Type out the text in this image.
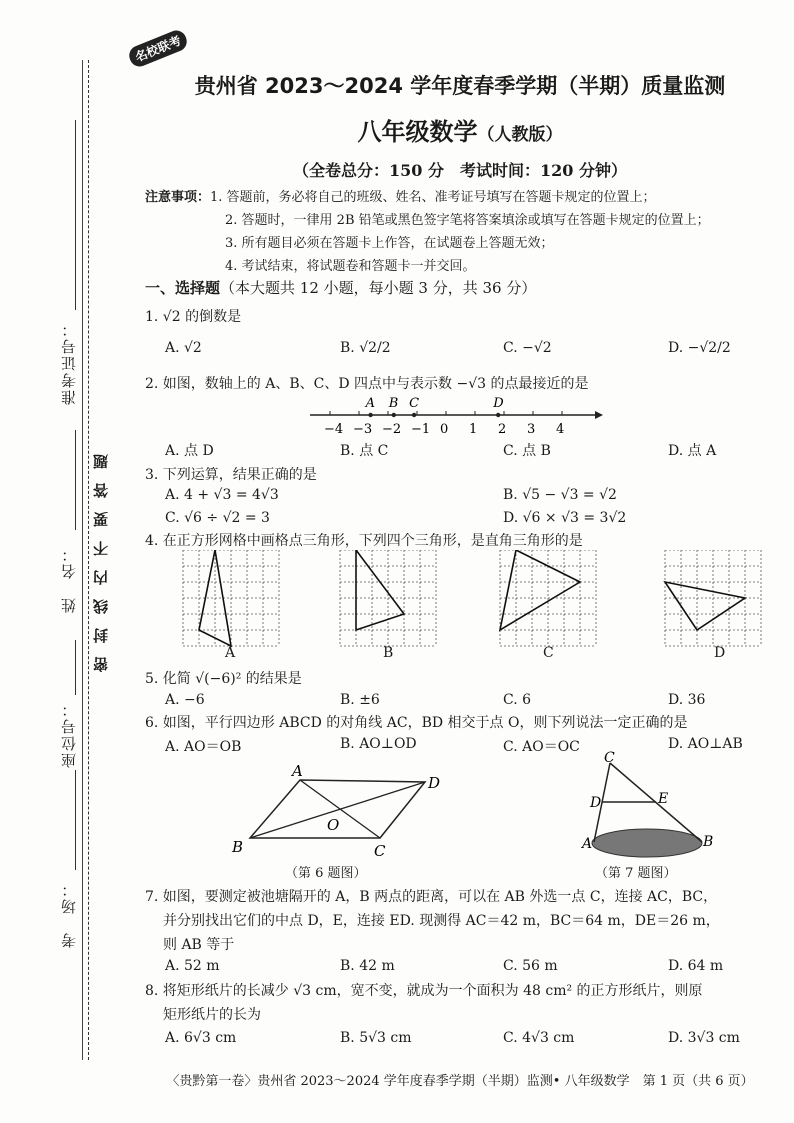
名校联考
准考证号：
姓　名：
座位号：
考　场：
密封线内不要答题
贵州省 2023～2024 学年度春季学期（半期）质量监测
八年级数学（人教版）
（全卷总分：150 分　考试时间：120 分钟）
注意事项：1. 答题前，务必将自己的班级、姓名、准考证号填写在答题卡规定的位置上；
2. 答题时，一律用 2B 铅笔或黑色签字笔将答案填涂或填写在答题卡规定的位置上；
3. 所有题目必须在答题卡上作答，在试题卷上答题无效；
4. 考试结束，将试题卷和答题卡一并交回。
一、选择题（本大题共 12 小题，每小题 3 分，共 36 分）
1. √2 的倒数是
A. √2	B. √2/2	C. −√2	D. −√2/2
2. 如图，数轴上的 A、B、C、D 四点中与表示数 −√3 的点最接近的是
−4 −3 −2 −1 0 1 2 3 4
A B C	D
A. 点 D	B. 点 C	C. 点 B	D. 点 A
3. 下列运算，结果正确的是
A. 4 + √3 = 4√3	B. √5 − √3 = √2
C. √6 ÷ √2 = 3	D. √6 × √3 = 3√2
4. 在正方形网格中画格点三角形，下列四个三角形，是直角三角形的是
A	B	C	D
5. 化简 √(−6)² 的结果是
A. −6	B. ±6	C. 6	D. 36
6. 如图，平行四边形 ABCD 的对角线 AC，BD 相交于点 O，则下列说法一定正确的是
A. AO＝OB	B. AO⊥OD	C. AO＝OC	D. AO⊥AB
A
D
B	C
O
（第 6 题图）
C
D	E
A	B
（第 7 题图）
7. 如图，要测定被池塘隔开的 A，B 两点的距离，可以在 AB 外选一点 C，连接 AC，BC，
并分别找出它们的中点 D，E，连接 ED. 现测得 AC＝42 m，BC＝64 m，DE＝26 m，
则 AB 等于
A. 52 m	B. 42 m	C. 56 m	D. 64 m
8. 将矩形纸片的长减少 √3 cm，宽不变，就成为一个面积为 48 cm² 的正方形纸片，则原
矩形纸片的长为
A. 6√3 cm	B. 5√3 cm	C. 4√3 cm	D. 3√3 cm
〈贵黔第一卷〉贵州省 2023～2024 学年度春季学期（半期）监测• 八年级数学　第 1 页（共 6 页）
